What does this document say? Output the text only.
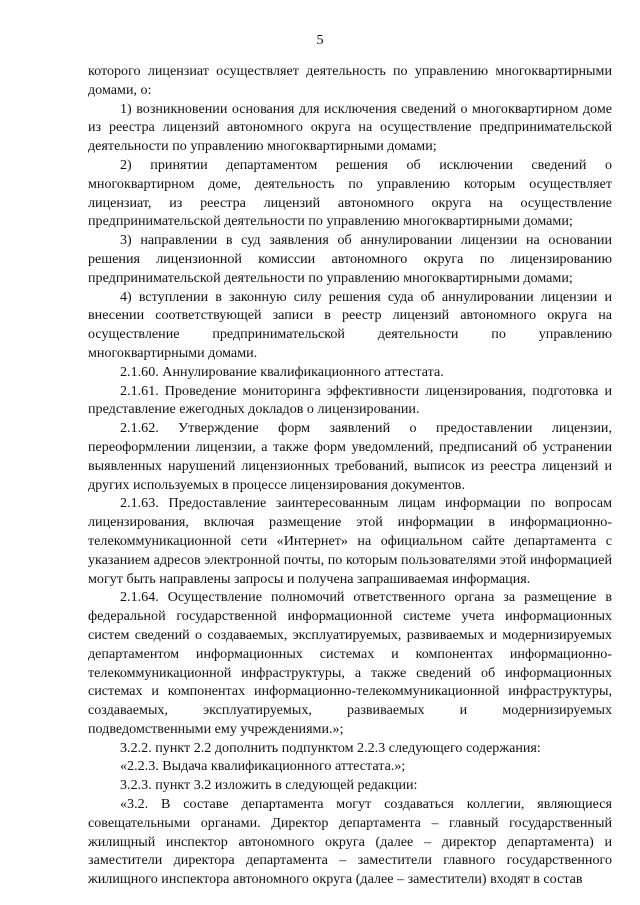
5

которого лицензиат осуществляет деятельность по управлению многоквартирными домами, о:

1) возникновении основания для исключения сведений о многоквартирном доме из реестра лицензий автономного округа на осуществление предпринимательской деятельности по управлению многоквартирными домами;

2) принятии департаментом решения об исключении сведений о многоквартирном доме, деятельность по управлению которым осуществляет лицензиат, из реестра лицензий автономного округа на осуществление предпринимательской деятельности по управлению многоквартирными домами;

3) направлении в суд заявления об аннулировании лицензии на основании решения лицензионной комиссии автономного округа по лицензированию предпринимательской деятельности по управлению многоквартирными домами;

4) вступлении в законную силу решения суда об аннулировании лицензии и внесении соответствующей записи в реестр лицензий автономного округа на осуществление предпринимательской деятельности по управлению многоквартирными домами.

2.1.60. Аннулирование квалификационного аттестата.

2.1.61. Проведение мониторинга эффективности лицензирования, подготовка и представление ежегодных докладов о лицензировании.

2.1.62. Утверждение форм заявлений о предоставлении лицензии, переоформлении лицензии, а также форм уведомлений, предписаний об устранении выявленных нарушений лицензионных требований, выписок из реестра лицензий и других используемых в процессе лицензирования документов.

2.1.63. Предоставление заинтересованным лицам информации по вопросам лицензирования, включая размещение этой информации в информационно-телекоммуникационной сети «Интернет» на официальном сайте департамента с указанием адресов электронной почты, по которым пользователями этой информацией могут быть направлены запросы и получена запрашиваемая информация.

2.1.64. Осуществление полномочий ответственного органа за размещение в федеральной государственной информационной системе учета информационных систем сведений о создаваемых, эксплуатируемых, развиваемых и модернизируемых департаментом информационных системах и компонентах информационно-телекоммуникационной инфраструктуры, а также сведений об информационных системах и компонентах информационно-телекоммуникационной инфраструктуры, создаваемых, эксплуатируемых, развиваемых и модернизируемых подведомственными ему учреждениями.»;

3.2.2. пункт 2.2 дополнить подпунктом 2.2.3 следующего содержания:

«2.2.3. Выдача квалификационного аттестата.»;

3.2.3. пункт 3.2 изложить в следующей редакции:

«3.2. В составе департамента могут создаваться коллегии, являющиеся совещательными органами. Директор департамента – главный государственный жилищный инспектор автономного округа (далее – директор департамента) и заместители директора департамента – заместители главного государственного жилищного инспектора автономного округа (далее – заместители) входят в состав
